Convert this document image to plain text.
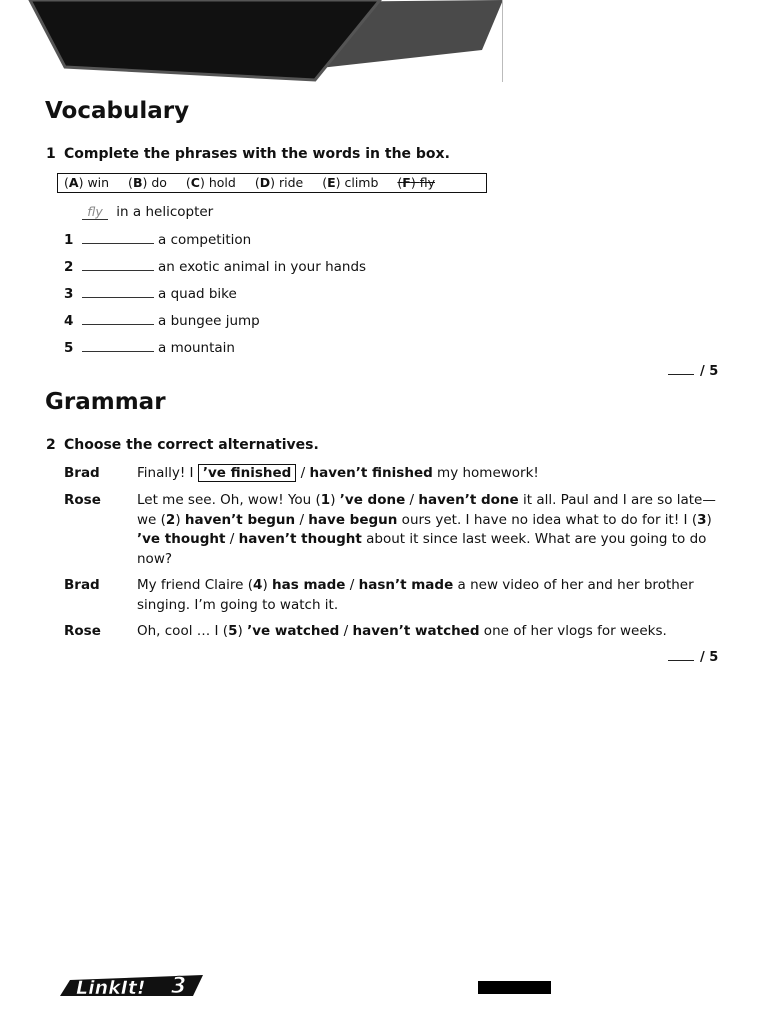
Vocabulary
1 Complete the phrases with the words in the box.
(A) win (B) do (C) hold (D) ride (E) climb (F) fly
fly in a helicopter
1	a competition
2	an exotic animal in your hands
3	a quad bike
4	a bungee jump
5	a mountain
/ 5
Grammar
2 Choose the correct alternatives.
Brad	Finally! I ’ve finished / haven’t finished my homework!
Rose	Let me see. Oh, wow! You (1) ’ve done / haven’t done it all. Paul and I are so late—we (2) haven’t begun / have begun ours yet. I have no idea what to do for it! I (3) ’ve thought / haven’t thought about it since last week. What are you going to do now?
Brad	My friend Claire (4) has made / hasn’t made a new video of her and her brother singing. I’m going to watch it.
Rose	Oh, cool … I (5) ’ve watched / haven’t watched one of her vlogs for weeks.
/ 5
LinkIt! 3
